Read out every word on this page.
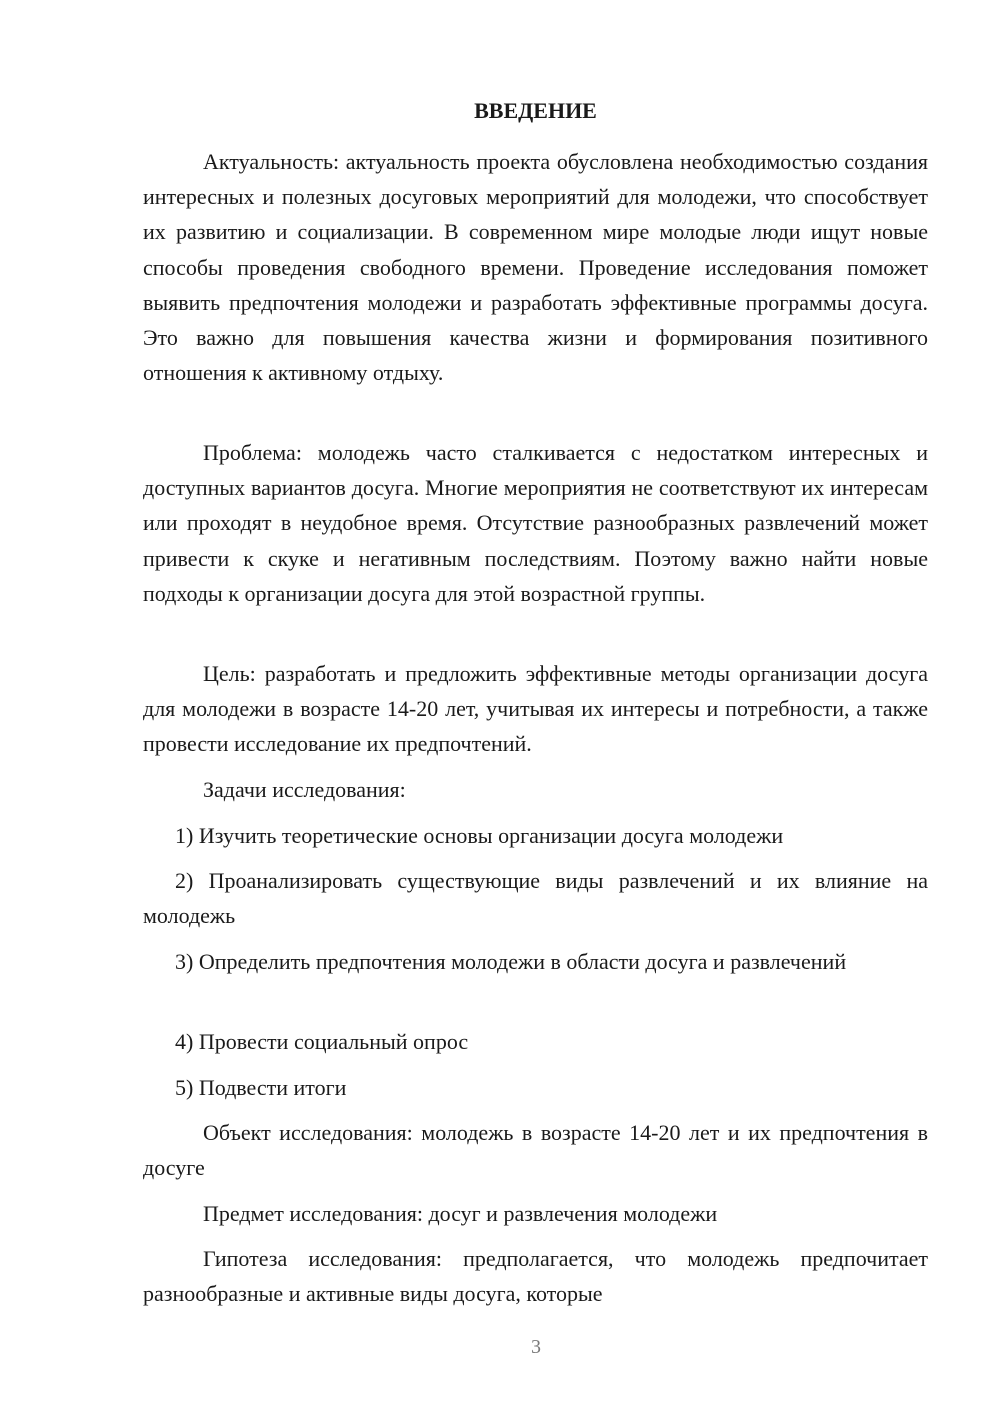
ВВЕДЕНИЕ

Актуальность: актуальность проекта обусловлена необходимостью создания интересных и полезных досуговых мероприятий для молодежи, что способствует их развитию и социализации. В современном мире молодые люди ищут новые способы проведения свободного времени. Проведение исследования поможет выявить предпочтения молодежи и разработать эффективные программы досуга. Это важно для повышения качества жизни и формирования позитивного отношения к активному отдыху.

Проблема: молодежь часто сталкивается с недостатком интересных и доступных вариантов досуга. Многие мероприятия не соответствуют их интересам или проходят в неудобное время. Отсутствие разнообразных развлечений может привести к скуке и негативным последствиям. Поэтому важно найти новые подходы к организации досуга для этой возрастной группы.

Цель: разработать и предложить эффективные методы организации досуга для молодежи в возрасте 14-20 лет, учитывая их интересы и потребности, а также провести исследование их предпочтений.

Задачи исследования:

1) Изучить теоретические основы организации досуга молодежи

2) Проанализировать существующие виды развлечений и их влияние на молодежь

3) Определить предпочтения молодежи в области досуга и развлечений

4) Провести социальный опрос

5) Подвести итоги

Объект исследования: молодежь в возрасте 14-20 лет и их предпочтения в досуге

Предмет исследования: досуг и развлечения молодежи

Гипотеза исследования: предполагается, что молодежь предпочитает разнообразные и активные виды досуга, которые

3
